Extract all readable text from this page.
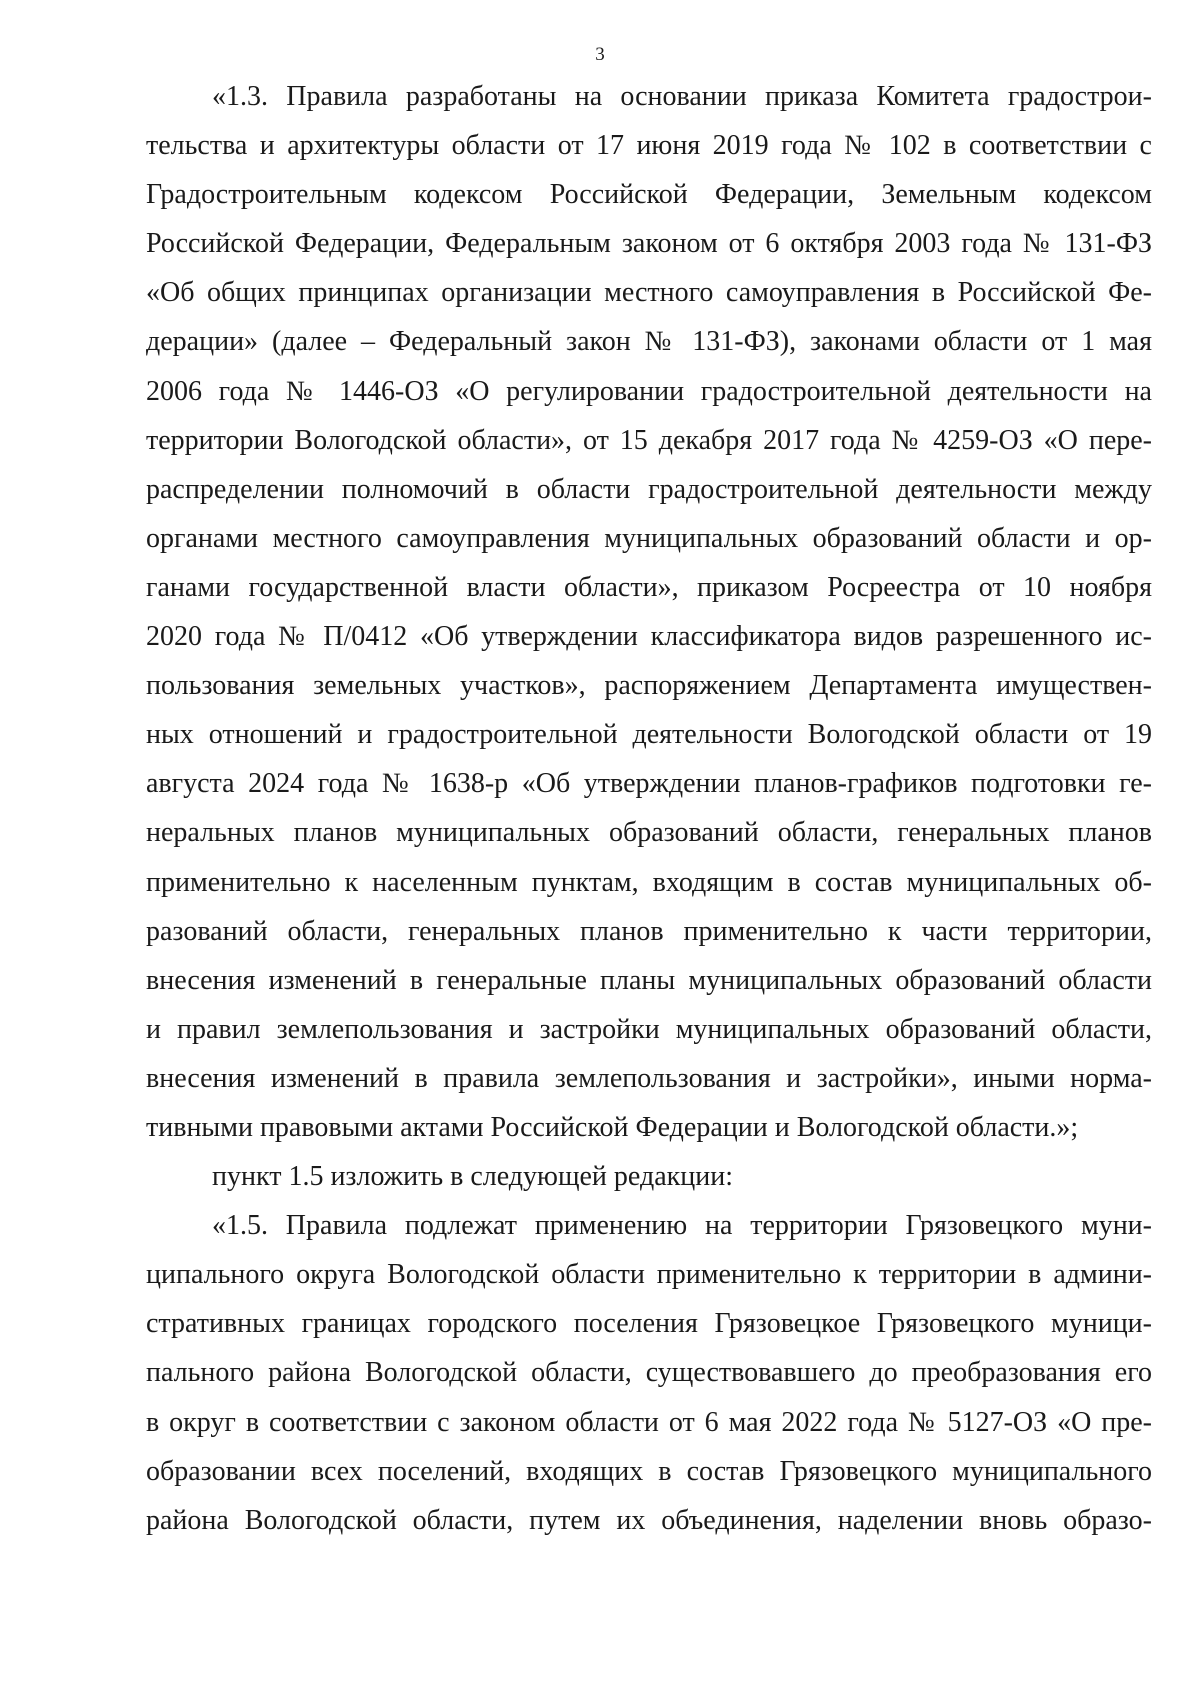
3
«1.3. Правила разработаны на основании приказа Комитета градострои-
тельства и архитектуры области от 17 июня 2019 года № 102 в соответствии с
Градостроительным кодексом Российской Федерации, Земельным кодексом
Российской Федерации, Федеральным законом от 6 октября 2003 года № 131-ФЗ
«Об общих принципах организации местного самоуправления в Российской Фе-
дерации» (далее – Федеральный закон № 131-ФЗ), законами области от 1 мая
2006 года № 1446-ОЗ «О регулировании градостроительной деятельности на
территории Вологодской области», от 15 декабря 2017 года № 4259-ОЗ «О пере-
распределении полномочий в области градостроительной деятельности между
органами местного самоуправления муниципальных образований области и ор-
ганами государственной власти области», приказом Росреестра от 10 ноября
2020 года № П/0412 «Об утверждении классификатора видов разрешенного ис-
пользования земельных участков», распоряжением Департамента имуществен-
ных отношений и градостроительной деятельности Вологодской области от 19
августа 2024 года № 1638-р «Об утверждении планов-графиков подготовки ге-
неральных планов муниципальных образований области, генеральных планов
применительно к населенным пунктам, входящим в состав муниципальных об-
разований области, генеральных планов применительно к части территории,
внесения изменений в генеральные планы муниципальных образований области
и правил землепользования и застройки муниципальных образований области,
внесения изменений в правила землепользования и застройки», иными норма-
тивными правовыми актами Российской Федерации и Вологодской области.»;
пункт 1.5 изложить в следующей редакции:
«1.5. Правила подлежат применению на территории Грязовецкого муни-
ципального округа Вологодской области применительно к территории в админи-
стративных границах городского поселения Грязовецкое Грязовецкого муници-
пального района Вологодской области, существовавшего до преобразования его
в округ в соответствии с законом области от 6 мая 2022 года № 5127-ОЗ «О пре-
образовании всех поселений, входящих в состав Грязовецкого муниципального
района Вологодской области, путем их объединения, наделении вновь образо-
